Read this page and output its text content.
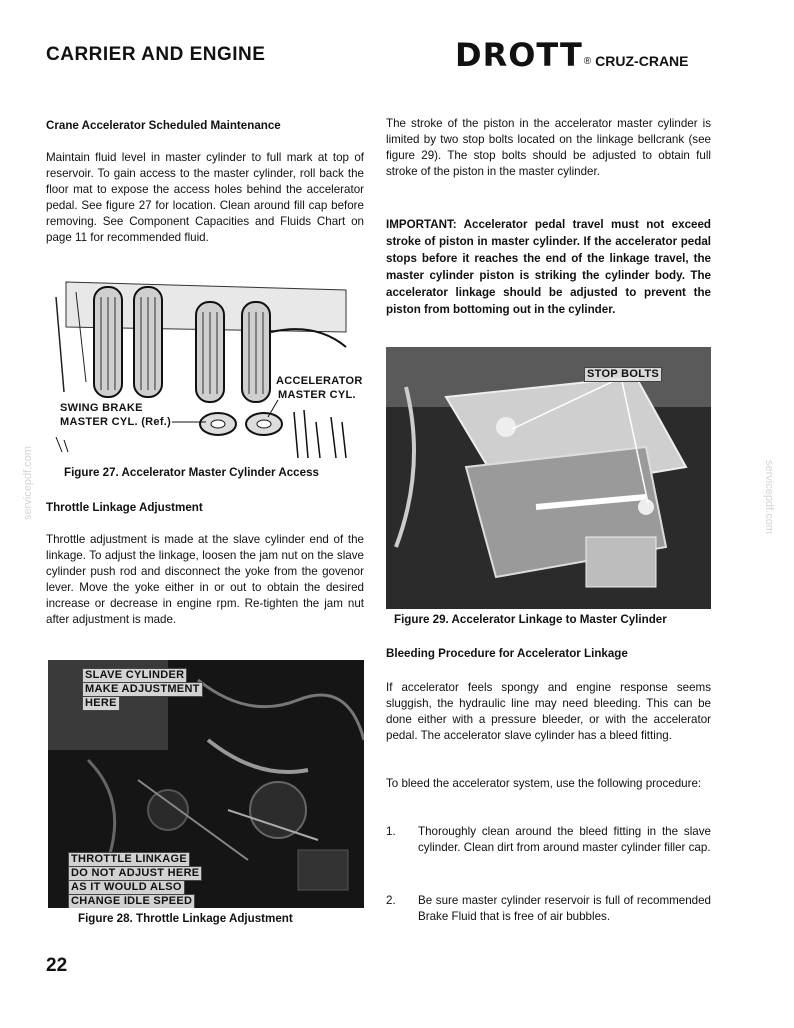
CARRIER AND ENGINE	DROTT® CRUZ-CRANE
Crane Accelerator Scheduled Maintenance

Maintain fluid level in master cylinder to full mark at top of reservoir. To gain access to the master cylinder, roll back the floor mat to expose the access holes behind the accelerator pedal. See figure 27 for location. Clean around fill cap before removing. See Component Capacities and Fluids Chart on page 11 for recommended fluid.

ACCELERATOR
MASTER CYL.
SWING BRAKE
MASTER CYL. (Ref.)
Figure 27. Accelerator Master Cylinder Access
Throttle Linkage Adjustment

Throttle adjustment is made at the slave cylinder end of the linkage. To adjust the linkage, loosen the jam nut on the slave cylinder push rod and disconnect the yoke from the govenor lever. Move the yoke either in or out to obtain the desired increase or decrease in engine rpm. Re-tighten the jam nut after adjustment is made.

SLAVE CYLINDER
MAKE ADJUSTMENT
HERE
THROTTLE LINKAGE
DO NOT ADJUST HERE
AS IT WOULD ALSO
CHANGE IDLE SPEED
Figure 28. Throttle Linkage Adjustment

The stroke of the piston in the accelerator master cylinder is limited by two stop bolts located on the linkage bellcrank (see figure 29). The stop bolts should be adjusted to obtain full stroke of the piston in the master cylinder.

IMPORTANT: Accelerator pedal travel must not exceed stroke of piston in master cylinder. If the accelerator pedal stops before it reaches the end of the linkage travel, the master cylinder piston is striking the cylinder body. The accelerator linkage should be adjusted to prevent the piston from bottoming out in the cylinder.

STOP BOLTS
Figure 29. Accelerator Linkage to Master Cylinder
Bleeding Procedure for Accelerator Linkage

If accelerator feels spongy and engine response seems sluggish, the hydraulic line may need bleeding. This can be done either with a pressure bleeder, or with the accelerator pedal. The accelerator slave cylinder has a bleed fitting.

To bleed the accelerator system, use the following procedure:

1. Thoroughly clean around the bleed fitting in the slave cylinder. Clean dirt from around master cylinder filler cap.
2. Be sure master cylinder reservoir is full of recommended Brake Fluid that is free of air bubbles.
22
servicepdf.com	servicepdf.com
